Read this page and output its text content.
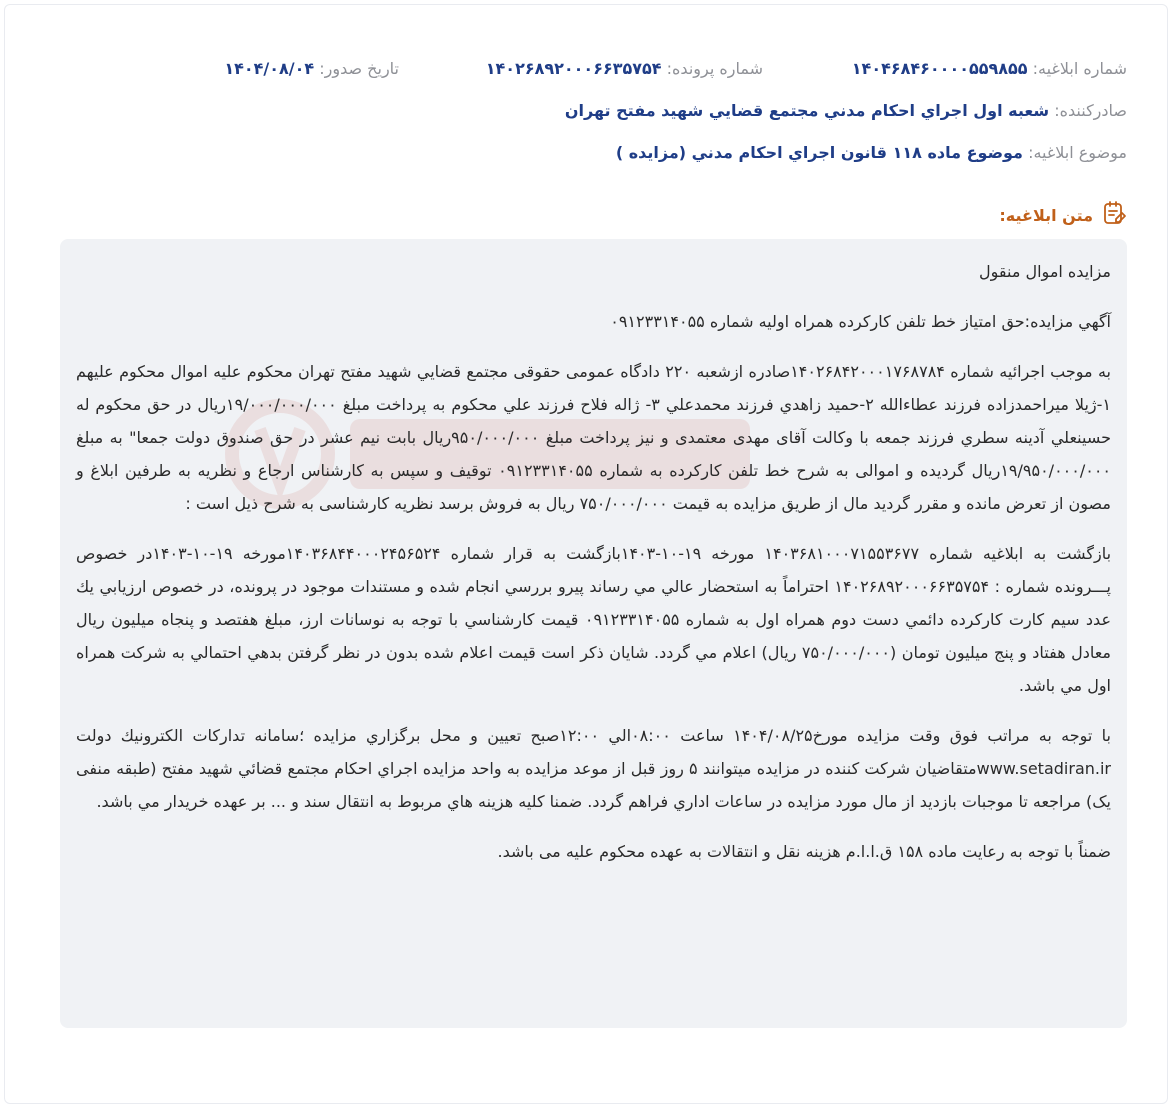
شماره ابلاغیه: ۱۴۰۴۶۸۴۶۰۰۰۰۵۵۹۸۵۵
شماره پرونده: ۱۴۰۲۶۸۹۲۰۰۰۶۶۳۵۷۵۴
تاریخ صدور: ۱۴۰۴/۰۸/۰۴
صادرکننده: شعبه اول اجراي احکام مدني مجتمع قضايي شهيد مفتح تهران
موضوع ابلاغیه: موضوع ماده ۱۱۸ قانون اجراي احكام مدني (مزايده )
متن ابلاغیه:

مزایده اموال منقول

آگهي مزايده:حق امتياز خط تلفن كاركرده همراه اوليه شماره ۰۹۱۲۳۳۱۴۰۵۵

به موجب اجرائيه شماره ۱۴۰۲۶۸۴۲۰۰۰۱۷۶۸۷۸۴صادره ازشعبه ۲۲۰ دادگاه عمومی حقوقی مجتمع قضايي شهيد مفتح تهران محكوم عليه اموال محكوم عليهم ۱-ژيلا ميراحمدزاده فرزند عطاءالله ۲-حميد زاهدي فرزند محمدعلي ۳- ژاله فلاح فرزند علي محكوم به پرداخت مبلغ ۱۹/۰۰۰/۰۰۰/۰۰۰ريال در حق محكوم له حسينعلي آدينه سطري فرزند جمعه با وكالت آقای مهدی معتمدی و نيز پرداخت مبلغ ۹۵۰/۰۰۰/۰۰۰ريال بابت نيم عشر در حق صندوق دولت جمعا" به مبلغ ۱۹/۹۵۰/۰۰۰/۰۰۰ريال گرديده و اموالی به شرح خط تلفن كاركرده به شماره ۰۹۱۲۳۳۱۴۰۵۵ توقيف و سپس به كارشناس ارجاع و نظريه به طرفين ابلاغ و مصون از تعرض مانده و مقرر گرديد مال از طريق مزايده به قيمت ۷۵۰/۰۰۰/۰۰۰ ريال به فروش برسد نظريه كارشناسی به شرح ذيل است :

بازگشت به ابلاغيه شماره ۱۴۰۳۶۸۱۰۰۰۷۱۵۵۳۶۷۷ مورخه ۱۹-۱۰-۱۴۰۳بازگشت به قرار شماره ۱۴۰۳۶۸۴۴۰۰۰۲۴۵۶۵۲۴مورخه ۱۹-۱۰-۱۴۰۳در خصوص پـــرونده شماره : ۱۴۰۲۶۸۹۲۰۰۰۶۶۳۵۷۵۴ احتراماً به استحضار عالي مي رساند پيرو بررسي انجام شده و مستندات موجود در پرونده، در خصوص ارزيابي يك عدد سيم كارت كاركرده دائمي دست دوم همراه اول به شماره ۰۹۱۲۳۳۱۴۰۵۵ قيمت كارشناسي با توجه به نوسانات ارز، مبلغ هفتصد و پنجاه ميليون ريال معادل هفتاد و پنج ميليون تومان (۷۵۰/۰۰۰/۰۰۰ ريال) اعلام مي گردد. شايان ذكر است قيمت اعلام شده بدون در نظر گرفتن بدهي احتمالي به شركت همراه اول مي باشد.

با توجه به مراتب فوق وقت مزايده مورخ۱۴۰۴/۰۸/۲۵ ساعت ۰۸:۰۰الي ۱۲:۰۰صبح تعيين و محل برگزاري مزايده ؛سامانه تداركات الكترونيك دولت www.setadiran.irمتقاضيان شركت كننده در مزايده ميتوانند ۵ روز قبل از موعد مزايده به واحد مزايده اجراي احكام مجتمع قضائي شهيد مفتح (طبقه منفی يک) مراجعه تا موجبات بازديد از مال مورد مزايده در ساعات اداري فراهم گردد. ضمنا كليه هزينه هاي مربوط به انتقال سند و ... بر عهده خريدار مي باشد.

ضمناً با توجه به رعایت ماده ۱۵۸ ق.ا.ا.م هزینه نقل و انتقالات به عهده محکوم علیه می باشد.
